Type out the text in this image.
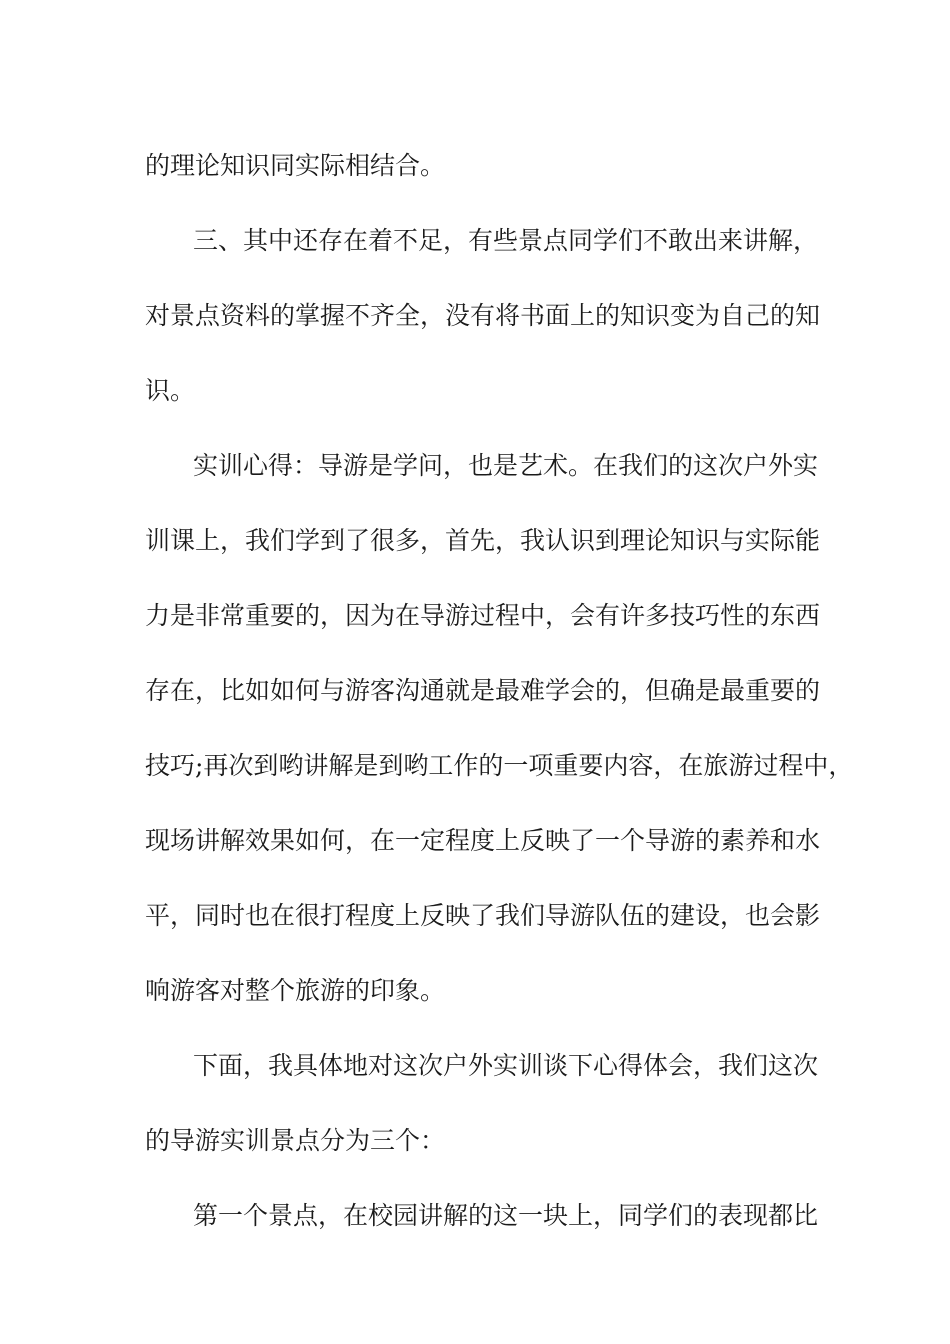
的理论知识同实际相结合。
三、其中还存在着不足，有些景点同学们不敢出来讲解，
对景点资料的掌握不齐全，没有将书面上的知识变为自己的知
识。
实训心得：导游是学问，也是艺术。在我们的这次户外实
训课上，我们学到了很多，首先，我认识到理论知识与实际能
力是非常重要的，因为在导游过程中，会有许多技巧性的东西
存在，比如如何与游客沟通就是最难学会的，但确是最重要的
技巧;再次到哟讲解是到哟工作的一项重要内容，在旅游过程中，
现场讲解效果如何，在一定程度上反映了一个导游的素养和水
平，同时也在很打程度上反映了我们导游队伍的建设，也会影
响游客对整个旅游的印象。
下面，我具体地对这次户外实训谈下心得体会，我们这次
的导游实训景点分为三个：
第一个景点，在校园讲解的这一块上，同学们的表现都比
